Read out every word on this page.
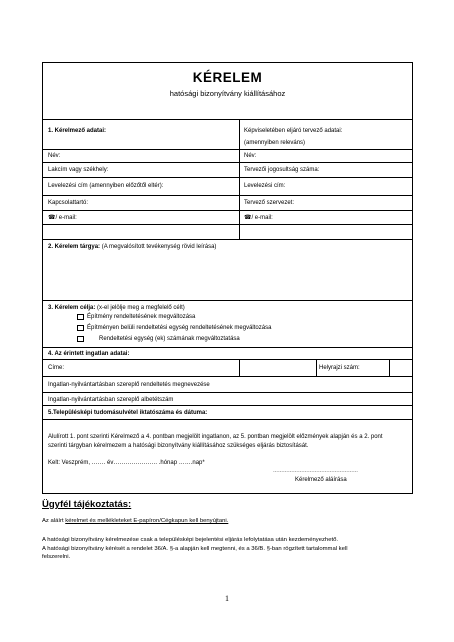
KÉRELEM
hatósági bizonyítvány kiállításához
1. Kérelmező adatai:	Képviseletében eljáró tervező adatai:
(amennyiben releváns)
Név:	Név:
Lakcím vagy székhely:	Tervezői jogosultság száma:
Levelezési cím (amennyiben előzőtől eltér):	Levelezési cím:
Kapcsolattartó:	Tervező szervezet:
☎/ e-mail:	☎/ e-mail:
2. Kérelem tárgya: (A megvalósított tevékenység rövid leírása)
3. Kérelem célja: (x-el jelölje meg a megfelelő célt)
Építmény rendeltetésének megváltozása
Építményen belüli rendeltetési egység rendeltetésének megváltozása
Rendeltetési egység (ek) számának megváltoztatása
4. Az érintett ingatlan adatai:
Címe:	Helyrajzi szám:
Ingatlan-nyilvántartásban szereplő rendeltetés megnevezése
Ingatlan-nyilvántartásban szereplő albetétszám
5.Településképi tudomásulvétel iktatószáma és dátuma:
Alulírott 1. pont szerinti Kérelmező a 4. pontban megjelölt ingatlanon, az 5. pontban megjelölt előzmények alapján és a 2. pont
szerinti tárgyban kérelmezem a hatósági bizonyítvány kiállításához szükséges eljárás biztosítását.
Kelt: Veszprém, ……. év…………………. .hónap …….nap*
……………………………………………
Kérelmező aláírása
Ügyfél tájékoztatás:
Az aláírt kérelmet és mellékleteket E-papíron/Cégkapun kell benyújtani.
A hatósági bizonyítvány kérelmezése csak a településképi bejelentési eljárás lefolytatása után kezdeményezhető.
A hatósági bizonyítvány kérését a rendelet 36/A. §-a alapján kell megtenni, és a 36/B. §-ban rögzített tartalommal kell
felszerelni.
1
